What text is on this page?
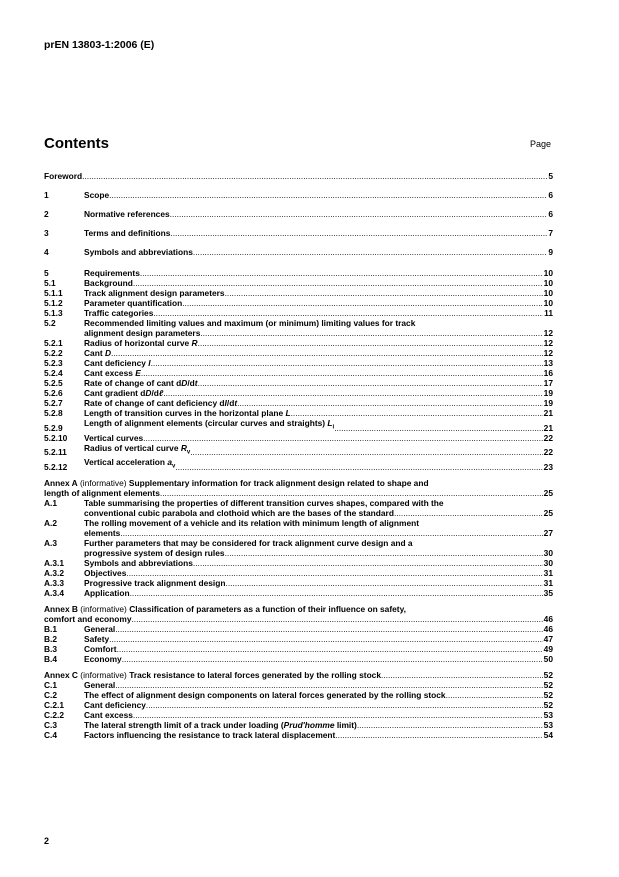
prEN 13803-1:2006 (E)
Contents	Page
Foreword .....	5
1	Scope .....	6
2	Normative references .....	6
3	Terms and definitions .....	7
4	Symbols and abbreviations .....	9
5	Requirements .....	10
5.1	Background .....	10
5.1.1	Track alignment design parameters .....	10
5.1.2	Parameter quantification .....	10
5.1.3	Traffic categories .....	11
5.2	Recommended limiting values and maximum (or minimum) limiting values for track
alignment design parameters .....	12
5.2.1	Radius of horizontal curve R .....	12
5.2.2	Cant D .....	12
5.2.3	Cant deficiency I .....	13
5.2.4	Cant excess E .....	16
5.2.5	Rate of change of cant dD/dt .....	17
5.2.6	Cant gradient dD/dℓ .....	19
5.2.7	Rate of change of cant deficiency dI/dt .....	19
5.2.8	Length of transition curves in the horizontal plane L .....	21
5.2.9	Length of alignment elements (circular curves and straights) $L_i$ .....	21
5.2.10	Vertical curves .....	22
5.2.11	Radius of vertical curve $R_v$ .....	22
5.2.12	Vertical acceleration $a_v$ .....	23
Annex A (informative) Supplementary information for track alignment design related to shape and
length of alignment elements .....	25
A.1	Table summarising the properties of different transition curves shapes, compared with the
conventional cubic parabola and clothoid which are the bases of the standard .....	25
A.2	The rolling movement of a vehicle and its relation with minimum length of alignment
elements .....	27
A.3	Further parameters that may be considered for track alignment curve design and a
progressive system of design rules .....	30
A.3.1	Symbols and abbreviations .....	30
A.3.2	Objectives .....	31
A.3.3	Progressive track alignment design .....	31
A.3.4	Application .....	35
Annex B (informative) Classification of parameters as a function of their influence on safety,
comfort and economy .....	46
B.1	General .....	46
B.2	Safety .....	47
B.3	Comfort .....	49
B.4	Economy .....	50
Annex C (informative) Track resistance to lateral forces generated by the rolling stock .....	52
C.1	General .....	52
C.2	The effect of alignment design components on lateral forces generated by the rolling stock .....	52
C.2.1	Cant deficiency .....	52
C.2.2	Cant excess .....	53
C.3	The lateral strength limit of a track under loading (Prud'homme limit) .....	53
C.4	Factors influencing the resistance to track lateral displacement .....	54
2
